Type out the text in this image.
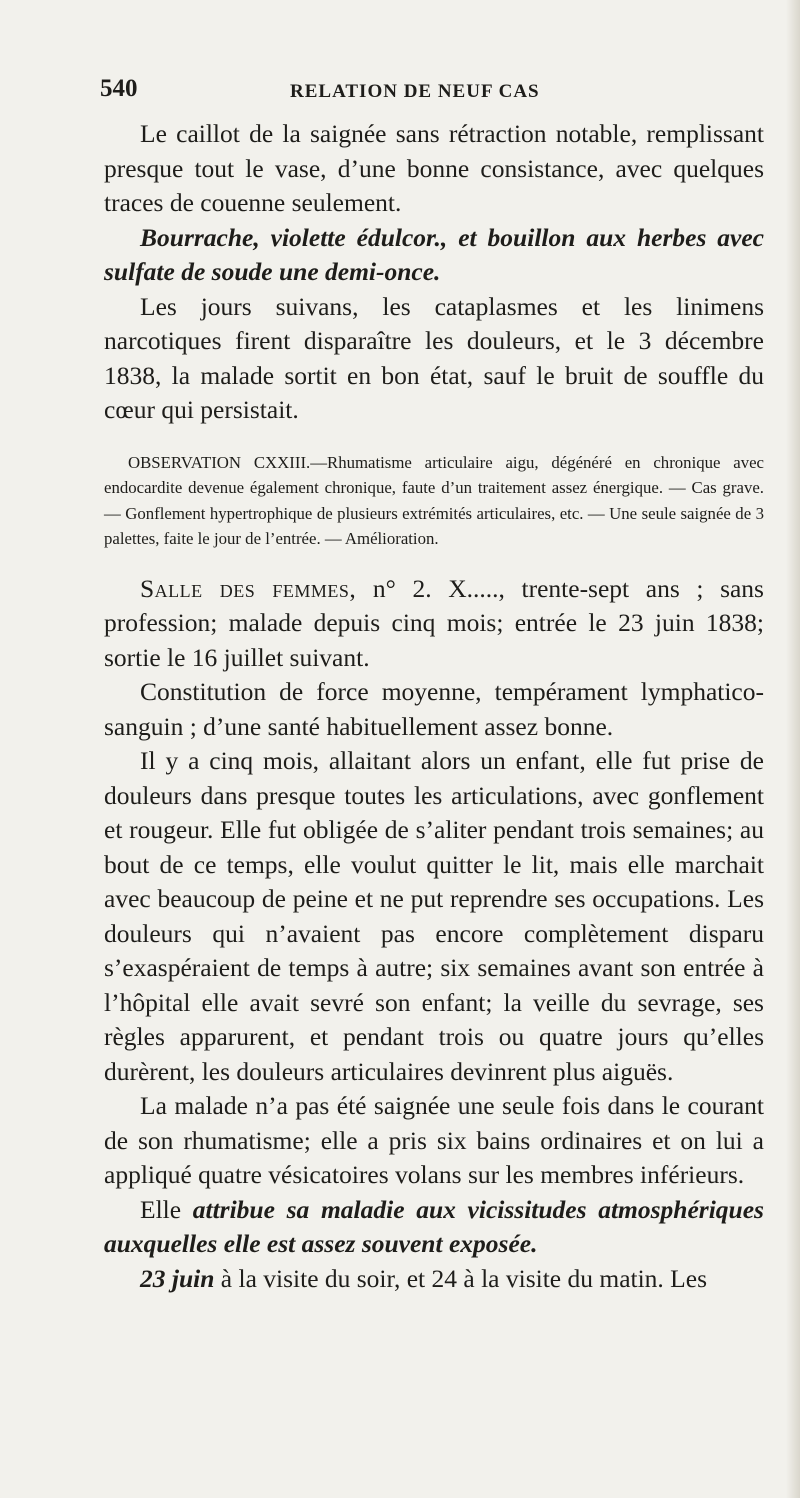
540	RELATION DE NEUF CAS

Le caillot de la saignée sans rétraction notable, remplissant presque tout le vase, d’une bonne consistance, avec quelques traces de couenne seulement.

Bourrache, violette édulcor., et bouillon aux herbes avec sulfate de soude une demi-once.

Les jours suivans, les cataplasmes et les linimens narcotiques firent disparaître les douleurs, et le 3 décembre 1838, la malade sortit en bon état, sauf le bruit de souffle du cœur qui persistait.

OBSERVATION CXXIII.—Rhumatisme articulaire aigu, dégénéré en chronique avec endocardite devenue également chronique, faute d’un traitement assez énergique. — Cas grave. — Gonflement hypertrophique de plusieurs extrémités articulaires, etc. — Une seule saignée de 3 palettes, faite le jour de l’entrée. — Amélioration.

Salle des femmes, n° 2. X....., trente-sept ans ; sans profession; malade depuis cinq mois; entrée le 23 juin 1838; sortie le 16 juillet suivant.

Constitution de force moyenne, tempérament lymphatico-sanguin ; d’une santé habituellement assez bonne.

Il y a cinq mois, allaitant alors un enfant, elle fut prise de douleurs dans presque toutes les articulations, avec gonflement et rougeur. Elle fut obligée de s’aliter pendant trois semaines; au bout de ce temps, elle voulut quitter le lit, mais elle marchait avec beaucoup de peine et ne put reprendre ses occupations. Les douleurs qui n’avaient pas encore complètement disparu s’exaspéraient de temps à autre; six semaines avant son entrée à l’hôpital elle avait sevré son enfant; la veille du sevrage, ses règles apparurent, et pendant trois ou quatre jours qu’elles durèrent, les douleurs articulaires devinrent plus aiguës.

La malade n’a pas été saignée une seule fois dans le courant de son rhumatisme; elle a pris six bains ordinaires et on lui a appliqué quatre vésicatoires volans sur les membres inférieurs.

Elle attribue sa maladie aux vicissitudes atmosphériques auxquelles elle est assez souvent exposée.

23 juin à la visite du soir, et 24 à la visite du matin. Les
